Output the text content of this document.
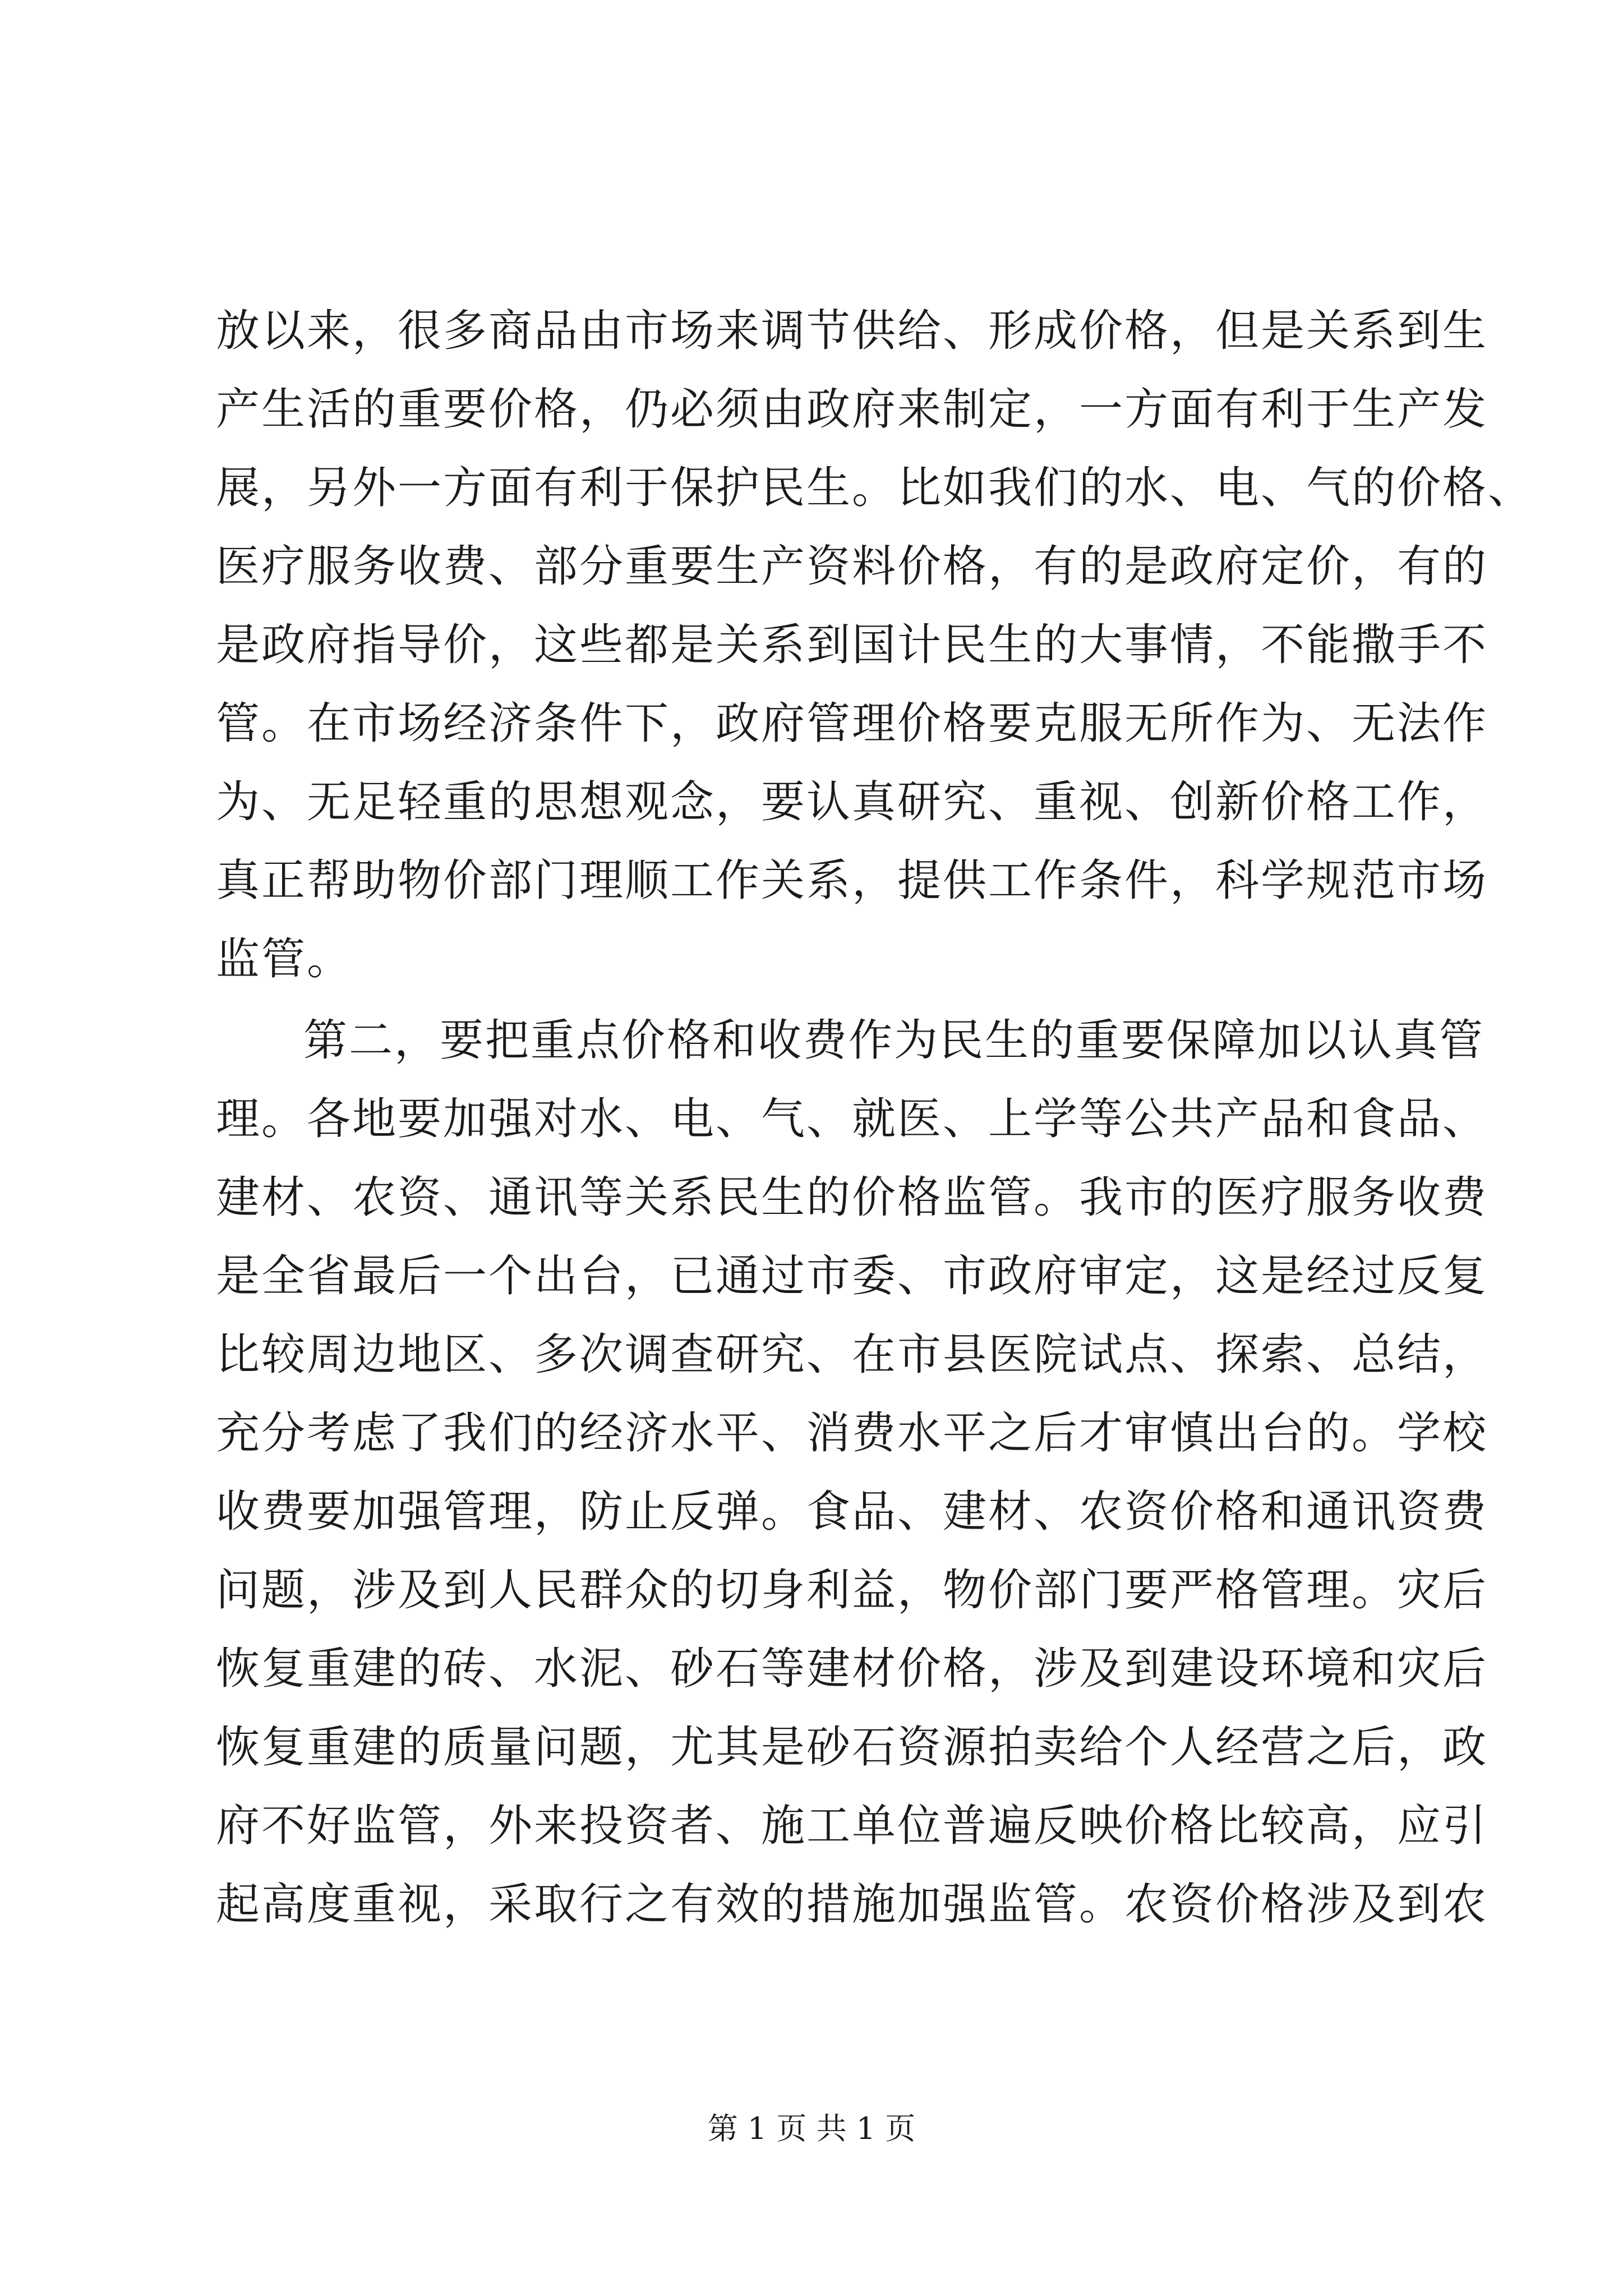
放以来，很多商品由市场来调节供给、形成价格，但是关系到生
产生活的重要价格，仍必须由政府来制定，一方面有利于生产发
展，另外一方面有利于保护民生。比如我们的水、电、气的价格、
医疗服务收费、部分重要生产资料价格，有的是政府定价，有的
是政府指导价，这些都是关系到国计民生的大事情，不能撒手不
管。在市场经济条件下，政府管理价格要克服无所作为、无法作
为、无足轻重的思想观念，要认真研究、重视、创新价格工作，
真正帮助物价部门理顺工作关系，提供工作条件，科学规范市场
监管。
第二，要把重点价格和收费作为民生的重要保障加以认真管
理。各地要加强对水、电、气、就医、上学等公共产品和食品、
建材、农资、通讯等关系民生的价格监管。我市的医疗服务收费
是全省最后一个出台，已通过市委、市政府审定，这是经过反复
比较周边地区、多次调查研究、在市县医院试点、探索、总结，
充分考虑了我们的经济水平、消费水平之后才审慎出台的。学校
收费要加强管理，防止反弹。食品、建材、农资价格和通讯资费
问题，涉及到人民群众的切身利益，物价部门要严格管理。灾后
恢复重建的砖、水泥、砂石等建材价格，涉及到建设环境和灾后
恢复重建的质量问题，尤其是砂石资源拍卖给个人经营之后，政
府不好监管，外来投资者、施工单位普遍反映价格比较高，应引
起高度重视，采取行之有效的措施加强监管。农资价格涉及到农
第 1 页 共 1 页
